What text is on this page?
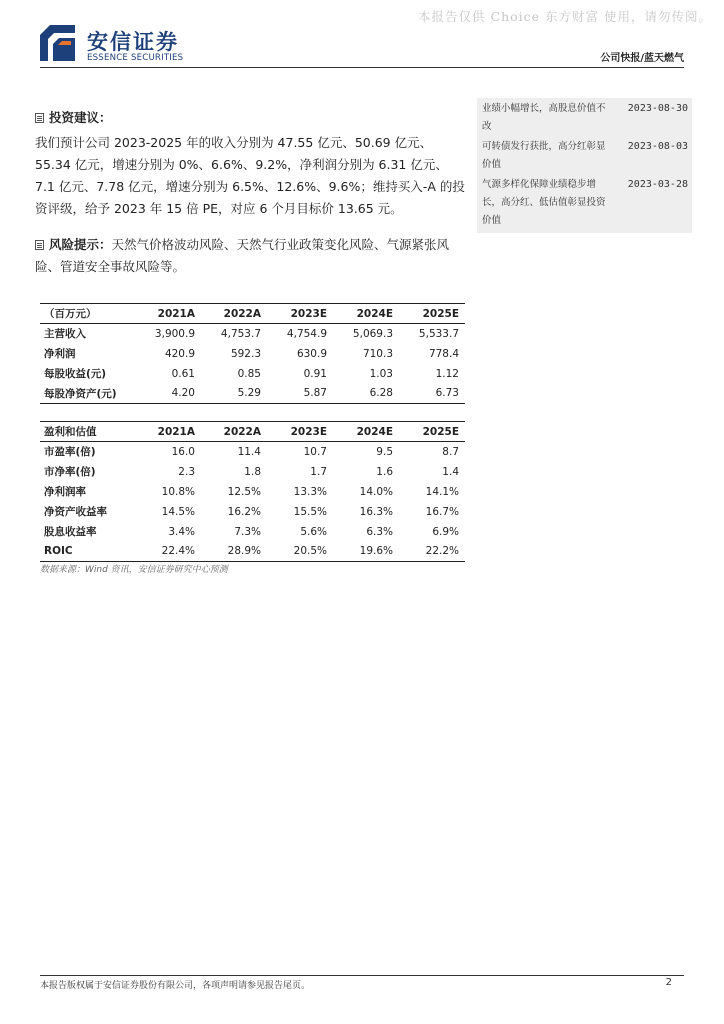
本报告仅供 Choice 东方财富 使用，请勿传阅。
安信证券
ESSENCE SECURITIES	公司快报/蓝天燃气
业绩小幅增长，高股息价值不改
2023-08-30
可转债发行获批，高分红彰显价值
2023-08-03
气源多样化保障业绩稳步增长，高分红、低估值彰显投资价值
2023-03-28
投资建议：
我们预计公司 2023-2025 年的收入分别为 47.55 亿元、50.69 亿元、55.34 亿元，增速分别为 0%、6.6%、9.2%，净利润分别为 6.31 亿元、7.1 亿元、7.78 亿元，增速分别为 6.5%、12.6%、9.6%；维持买入-A 的投资评级，给予 2023 年 15 倍 PE，对应 6 个月目标价 13.65 元。
风险提示：天然气价格波动风险、天然气行业政策变化风险、气源紧张风险、管道安全事故风险等。
（百万元）	2021A	2022A	2023E	2024E	2025E
主营收入	3,900.9	4,753.7	4,754.9	5,069.3	5,533.7
净利润	420.9	592.3	630.9	710.3	778.4
每股收益(元)	0.61	0.85	0.91	1.03	1.12
每股净资产(元)	4.20	5.29	5.87	6.28	6.73
盈利和估值	2021A	2022A	2023E	2024E	2025E
市盈率(倍)	16.0	11.4	10.7	9.5	8.7
市净率(倍)	2.3	1.8	1.7	1.6	1.4
净利润率	10.8%	12.5%	13.3%	14.0%	14.1%
净资产收益率	14.5%	16.2%	15.5%	16.3%	16.7%
股息收益率	3.4%	7.3%	5.6%	6.3%	6.9%
ROIC	22.4%	28.9%	20.5%	19.6%	22.2%
数据来源：Wind 资讯，安信证券研究中心预测
本报告版权属于安信证券股份有限公司，各项声明请参见报告尾页。	2
